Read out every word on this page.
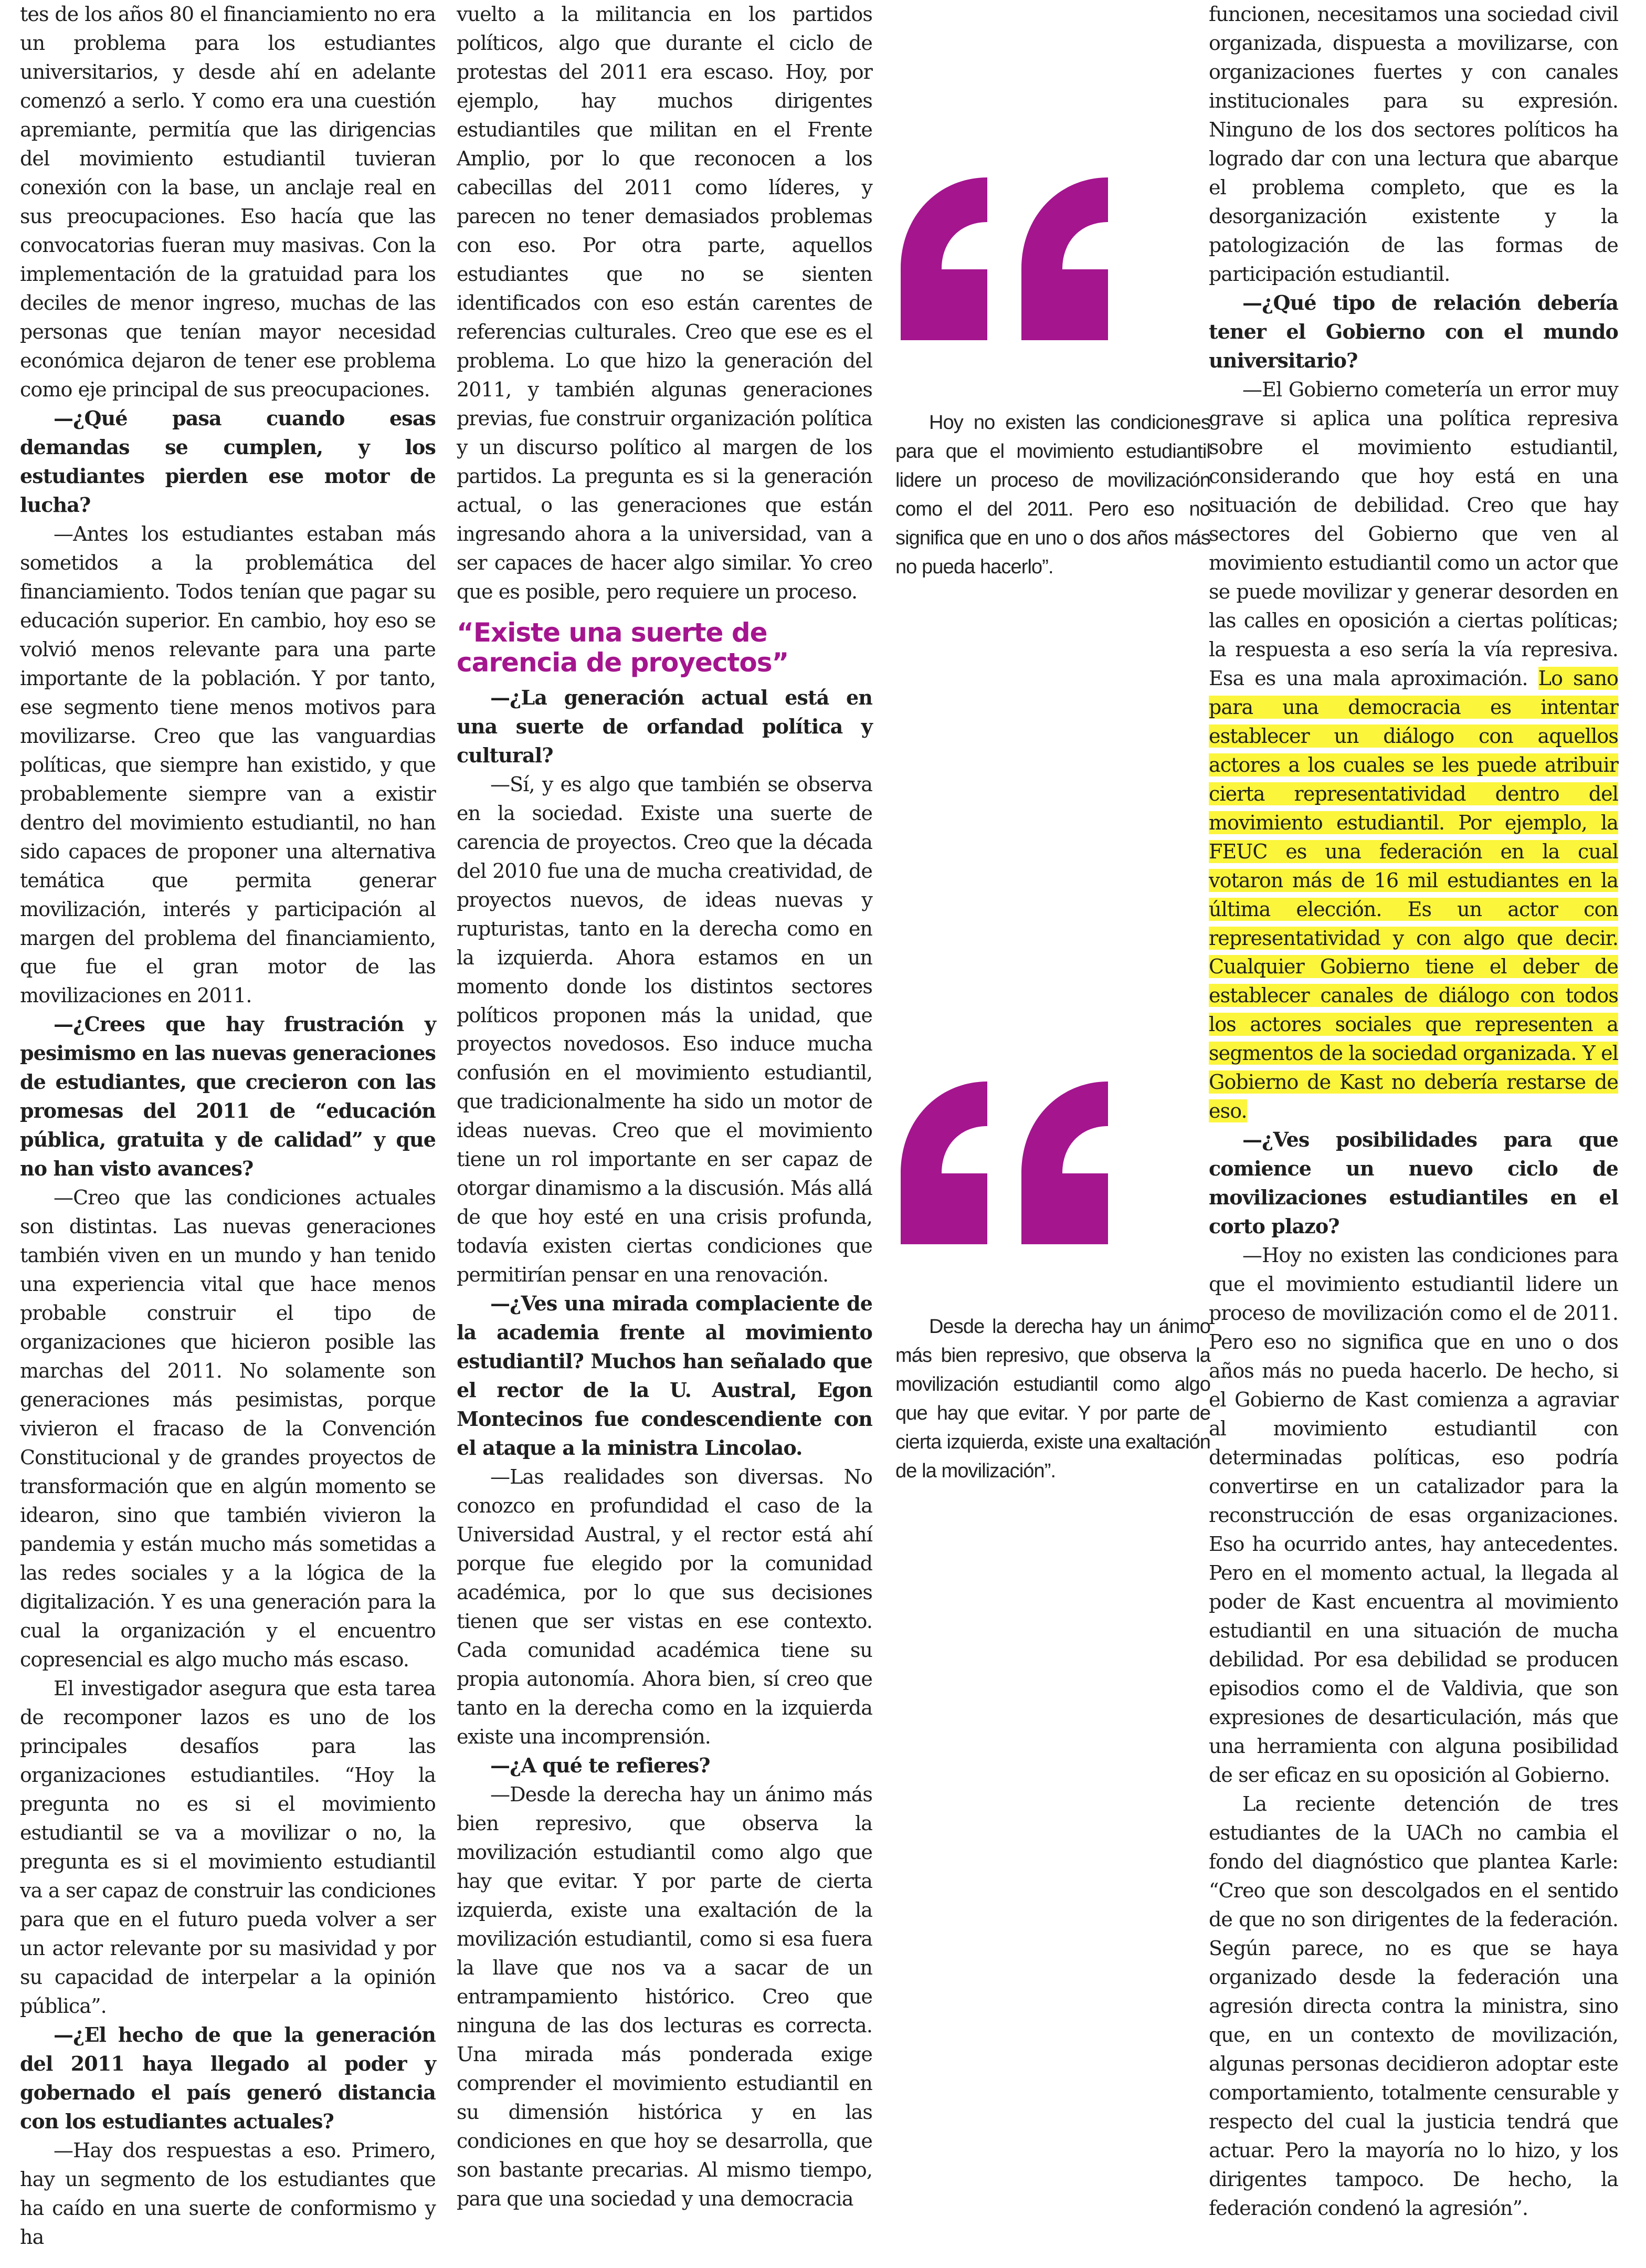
tes de los años 80 el financiamiento no era un problema para los estudiantes universitarios, y desde ahí en adelante comenzó a serlo. Y como era una cuestión apremiante, permitía que las dirigencias del movimiento estudiantil tuvieran conexión con la base, un anclaje real en sus preocupaciones. Eso hacía que las convocatorias fueran muy masivas. Con la implementación de la gratuidad para los deciles de menor ingreso, muchas de las personas que tenían mayor necesidad económica dejaron de tener ese problema como eje principal de sus preocupaciones.

—¿Qué pasa cuando esas demandas se cumplen, y los estudiantes pierden ese motor de lucha?

—Antes los estudiantes estaban más sometidos a la problemática del financiamiento. Todos tenían que pagar su educación superior. En cambio, hoy eso se volvió menos relevante para una parte importante de la población. Y por tanto, ese segmento tiene menos motivos para movilizarse. Creo que las vanguardias políticas, que siempre han existido, y que probablemente siempre van a existir dentro del movimiento estudiantil, no han sido capaces de proponer una alternativa temática que permita generar movilización, interés y participación al margen del problema del financiamiento, que fue el gran motor de las movilizaciones en 2011.

—¿Crees que hay frustración y pesimismo en las nuevas generaciones de estudiantes, que crecieron con las promesas del 2011 de “educación pública, gratuita y de calidad” y que no han visto avances?

—Creo que las condiciones actuales son distintas. Las nuevas generaciones también viven en un mundo y han tenido una experiencia vital que hace menos probable construir el tipo de organizaciones que hicieron posible las marchas del 2011. No solamente son generaciones más pesimistas, porque vivieron el fracaso de la Convención Constitucional y de grandes proyectos de transformación que en algún momento se idearon, sino que también vivieron la pandemia y están mucho más sometidas a las redes sociales y a la lógica de la digitalización. Y es una generación para la cual la organización y el encuentro copresencial es algo mucho más escaso.

El investigador asegura que esta tarea de recomponer lazos es uno de los principales desafíos para las organizaciones estudiantiles. “Hoy la pregunta no es si el movimiento estudiantil se va a movilizar o no, la pregunta es si el movimiento estudiantil va a ser capaz de construir las condiciones para que en el futuro pueda volver a ser un actor relevante por su masividad y por su capacidad de interpelar a la opinión pública”.

—¿El hecho de que la generación del 2011 haya llegado al poder y gobernado el país generó distancia con los estudiantes actuales?

—Hay dos respuestas a eso. Primero, hay un segmento de los estudiantes que ha caído en una suerte de conformismo y ha

vuelto a la militancia en los partidos políticos, algo que durante el ciclo de protestas del 2011 era escaso. Hoy, por ejemplo, hay muchos dirigentes estudiantiles que militan en el Frente Amplio, por lo que reconocen a los cabecillas del 2011 como líderes, y parecen no tener demasiados problemas con eso. Por otra parte, aquellos estudiantes que no se sienten identificados con eso están carentes de referencias culturales. Creo que ese es el problema. Lo que hizo la generación del 2011, y también algunas generaciones previas, fue construir organización política y un discurso político al margen de los partidos. La pregunta es si la generación actual, o las generaciones que están ingresando ahora a la universidad, van a ser capaces de hacer algo similar. Yo creo que es posible, pero requiere un proceso.

“Existe una suerte de carencia de proyectos”

—¿La generación actual está en una suerte de orfandad política y cultural?

—Sí, y es algo que también se observa en la sociedad. Existe una suerte de carencia de proyectos. Creo que la década del 2010 fue una de mucha creatividad, de proyectos nuevos, de ideas nuevas y rupturistas, tanto en la derecha como en la izquierda. Ahora estamos en un momento donde los distintos sectores políticos proponen más la unidad, que proyectos novedosos. Eso induce mucha confusión en el movimiento estudiantil, que tradicionalmente ha sido un motor de ideas nuevas. Creo que el movimiento tiene un rol importante en ser capaz de otorgar dinamismo a la discusión. Más allá de que hoy esté en una crisis profunda, todavía existen ciertas condiciones que permitirían pensar en una renovación.

—¿Ves una mirada complaciente de la academia frente al movimiento estudiantil? Muchos han señalado que el rector de la U. Austral, Egon Montecinos fue condescendiente con el ataque a la ministra Lincolao.

—Las realidades son diversas. No conozco en profundidad el caso de la Universidad Austral, y el rector está ahí porque fue elegido por la comunidad académica, por lo que sus decisiones tienen que ser vistas en ese contexto. Cada comunidad académica tiene su propia autonomía. Ahora bien, sí creo que tanto en la derecha como en la izquierda existe una incomprensión.

—¿A qué te refieres?

—Desde la derecha hay un ánimo más bien represivo, que observa la movilización estudiantil como algo que hay que evitar. Y por parte de cierta izquierda, existe una exaltación de la movilización estudiantil, como si esa fuera la llave que nos va a sacar de un entrampamiento histórico. Creo que ninguna de las dos lecturas es correcta. Una mirada más ponderada exige comprender el movimiento estudiantil en su dimensión histórica y en las condiciones en que hoy se desarrolla, que son bastante precarias. Al mismo tiempo, para que una sociedad y una democracia

Hoy no existen las condiciones para que el movimiento estudiantil lidere un proceso de movilización como el del 2011. Pero eso no significa que en uno o dos años más no pueda hacerlo”.

Desde la derecha hay un ánimo más bien represivo, que observa la movilización estudiantil como algo que hay que evitar. Y por parte de cierta izquierda, existe una exaltación de la movilización”.

funcionen, necesitamos una sociedad civil organizada, dispuesta a movilizarse, con organizaciones fuertes y con canales institucionales para su expresión. Ninguno de los dos sectores políticos ha logrado dar con una lectura que abarque el problema completo, que es la desorganización existente y la patologización de las formas de participación estudiantil.

—¿Qué tipo de relación debería tener el Gobierno con el mundo universitario?

—El Gobierno cometería un error muy grave si aplica una política represiva sobre el movimiento estudiantil, considerando que hoy está en una situación de debilidad. Creo que hay sectores del Gobierno que ven al movimiento estudiantil como un actor que se puede movilizar y generar desorden en las calles en oposición a ciertas políticas; la respuesta a eso sería la vía represiva. Esa es una mala aproximación. Lo sano para una democracia es intentar establecer un diálogo con aquellos actores a los cuales se les puede atribuir cierta representatividad dentro del movimiento estudiantil. Por ejemplo, la FEUC es una federación en la cual votaron más de 16 mil estudiantes en la última elección. Es un actor con representatividad y con algo que decir. Cualquier Gobierno tiene el deber de establecer canales de diálogo con todos los actores sociales que representen a segmentos de la sociedad organizada. Y el Gobierno de Kast no debería restarse de eso.

—¿Ves posibilidades para que comience un nuevo ciclo de movilizaciones estudiantiles en el corto plazo?

—Hoy no existen las condiciones para que el movimiento estudiantil lidere un proceso de movilización como el de 2011. Pero eso no significa que en uno o dos años más no pueda hacerlo. De hecho, si el Gobierno de Kast comienza a agraviar al movimiento estudiantil con determinadas políticas, eso podría convertirse en un catalizador para la reconstrucción de esas organizaciones. Eso ha ocurrido antes, hay antecedentes. Pero en el momento actual, la llegada al poder de Kast encuentra al movimiento estudiantil en una situación de mucha debilidad. Por esa debilidad se producen episodios como el de Valdivia, que son expresiones de desarticulación, más que una herramienta con alguna posibilidad de ser eficaz en su oposición al Gobierno.

La reciente detención de tres estudiantes de la UACh no cambia el fondo del diagnóstico que plantea Karle: “Creo que son descolgados en el sentido de que no son dirigentes de la federación. Según parece, no es que se haya organizado desde la federación una agresión directa contra la ministra, sino que, en un contexto de movilización, algunas personas decidieron adoptar este comportamiento, totalmente censurable y respecto del cual la justicia tendrá que actuar. Pero la mayoría no lo hizo, y los dirigentes tampoco. De hecho, la federación condenó la agresión”.
